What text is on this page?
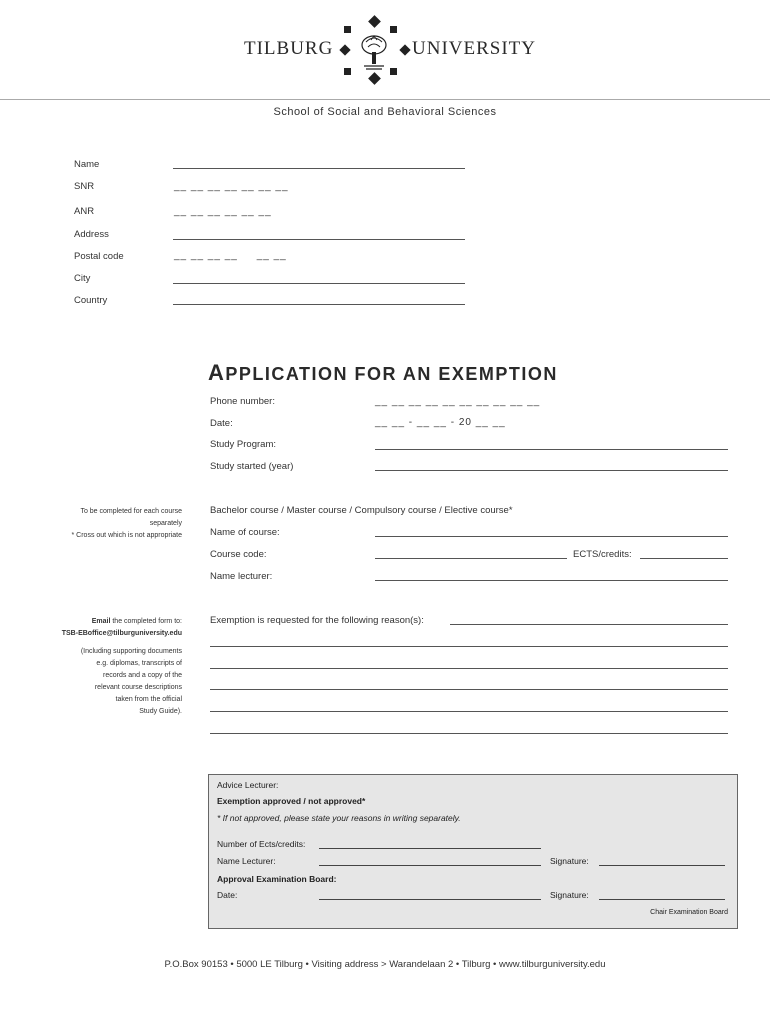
TILBURG	UNIVERSITY
School of Social and Behavioral Sciences
Name
SNR	__ __ __ __ __ __ __
ANR	__ __ __ __ __ __
Address
Postal code	__ __ __ __     __ __
City
Country
APPLICATION FOR AN EXEMPTION
Phone number:	__ __ __ __ __ __ __ __ __ __
Date:	__ __ - __ __ - 20 __ __
Study Program:
Study started (year)
To be completed for each course
separately
* Cross out which is not appropriate
Bachelor course / Master course / Compulsory course / Elective course*
Name of course:
Course code:	ECTS/credits:
Name lecturer:
Email the completed form to:
TSB-EBoffice@tilburguniversity.edu
(Including supporting documents
e.g. diplomas, transcripts of
records and a copy of the
relevant course descriptions
taken from the official
Study Guide).
Exemption is requested for the following reason(s):
Advice Lecturer:
Exemption approved / not approved*
* If not approved, please state your reasons in writing separately.
Number of Ects/credits:
Name Lecturer:	Signature:
Approval Examination Board:
Date:	Signature:
Chair Examination Board
P.O.Box 90153 • 5000 LE Tilburg • Visiting address > Warandelaan 2 • Tilburg • www.tilburguniversity.edu
